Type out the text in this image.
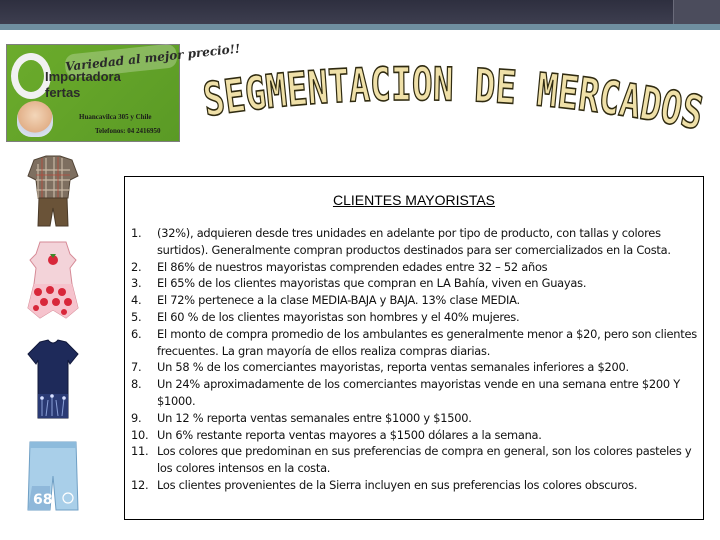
Variedad al mejor precio!!
Importadora
fertas
Huancavilca 305 y Chile
Telefonos: 04 2416950
SEGMENTACION DE MERCADO
68
CLIENTES MAYORISTAS
1.	(32%), adquieren desde tres unidades en adelante por tipo de producto, con tallas y colores surtidos). Generalmente compran productos destinados para ser comercializados en la Costa.
2.	El 86% de nuestros mayoristas comprenden edades entre 32 – 52 años
3.	El 65% de los clientes mayoristas que compran en LA Bahía, viven en Guayas.
4.	El 72% pertenece a la clase MEDIA-BAJA y BAJA. 13% clase MEDIA.
5.	El 60 % de los clientes mayoristas son hombres y el 40% mujeres.
6.	El monto de compra promedio de los ambulantes es generalmente menor a $20, pero son clientes frecuentes. La gran mayoría de ellos realiza compras diarias.
7.	Un 58 % de los comerciantes mayoristas, reporta ventas semanales inferiores a $200.
8.	Un 24% aproximadamente de los comerciantes mayoristas vende en una semana entre $200 Y $1000.
9.	Un 12 % reporta ventas semanales entre $1000 y $1500.
10. Un 6% restante reporta ventas mayores a $1500 dólares a la semana.
11. Los colores que predominan en sus preferencias de compra en general, son los colores pasteles y los colores intensos en la costa.
12. Los clientes provenientes de la Sierra incluyen en sus preferencias los colores obscuros.
